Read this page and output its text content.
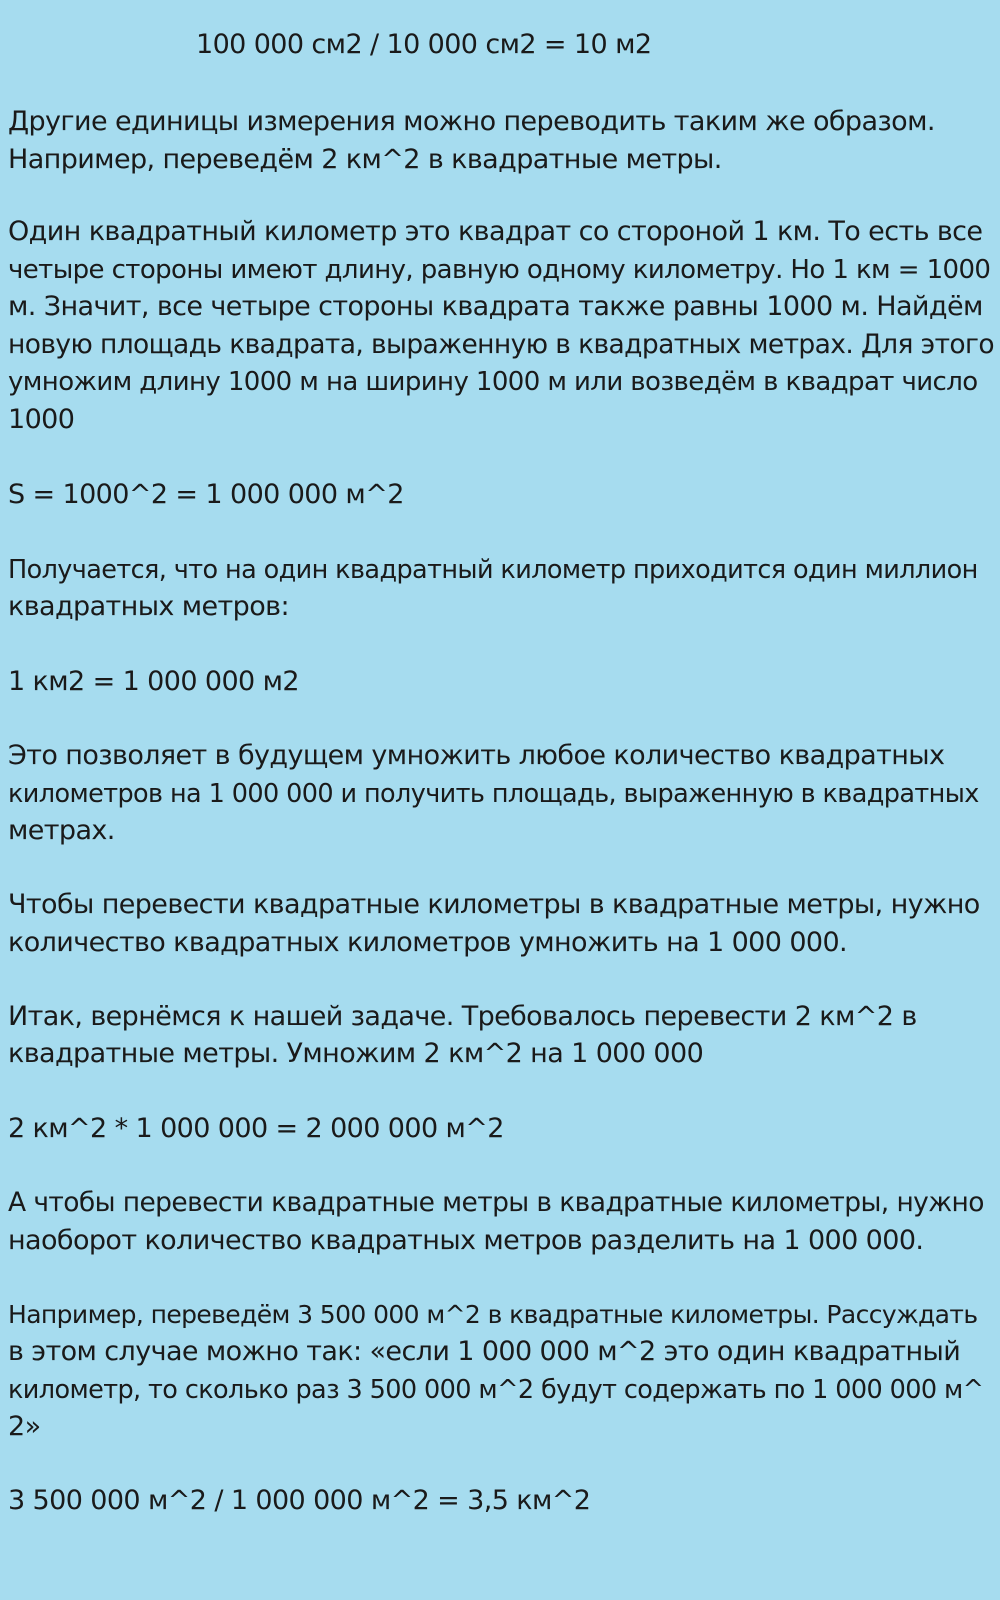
100 000 см2 / 10 000 см2 = 10 м2
Другие единицы измерения можно переводить таким же образом.
Например, переведём 2 км^2 в квадратные метры.
Один квадратный километр это квадрат со стороной 1 км. То есть все
четыре стороны имеют длину, равную одному километру. Но 1 км = 1000
м. Значит, все четыре стороны квадрата также равны 1000 м. Найдём
новую площадь квадрата, выраженную в квадратных метрах. Для этого
умножим длину 1000 м на ширину 1000 м или возведём в квадрат число
1000
S = 1000^2 = 1 000 000 м^2
Получается, что на один квадратный километр приходится один миллион
квадратных метров:
1 км2 = 1 000 000 м2
Это позволяет в будущем умножить любое количество квадратных
километров на 1 000 000 и получить площадь, выраженную в квадратных
метрах.
Чтобы перевести квадратные километры в квадратные метры, нужно
количество квадратных километров умножить на 1 000 000.
Итак, вернёмся к нашей задаче. Требовалось перевести 2 км^2 в
квадратные метры. Умножим 2 км^2 на 1 000 000
2 км^2 * 1 000 000 = 2 000 000 м^2
А чтобы перевести квадратные метры в квадратные километры, нужно
наоборот количество квадратных метров разделить на 1 000 000.
Например, переведём 3 500 000 м^2 в квадратные километры. Рассуждать
в этом случае можно так: «если 1 000 000 м^2 это один квадратный
километр, то сколько раз 3 500 000 м^2 будут содержать по 1 000 000 м^
2»
3 500 000 м^2 / 1 000 000 м^2 = 3,5 км^2
